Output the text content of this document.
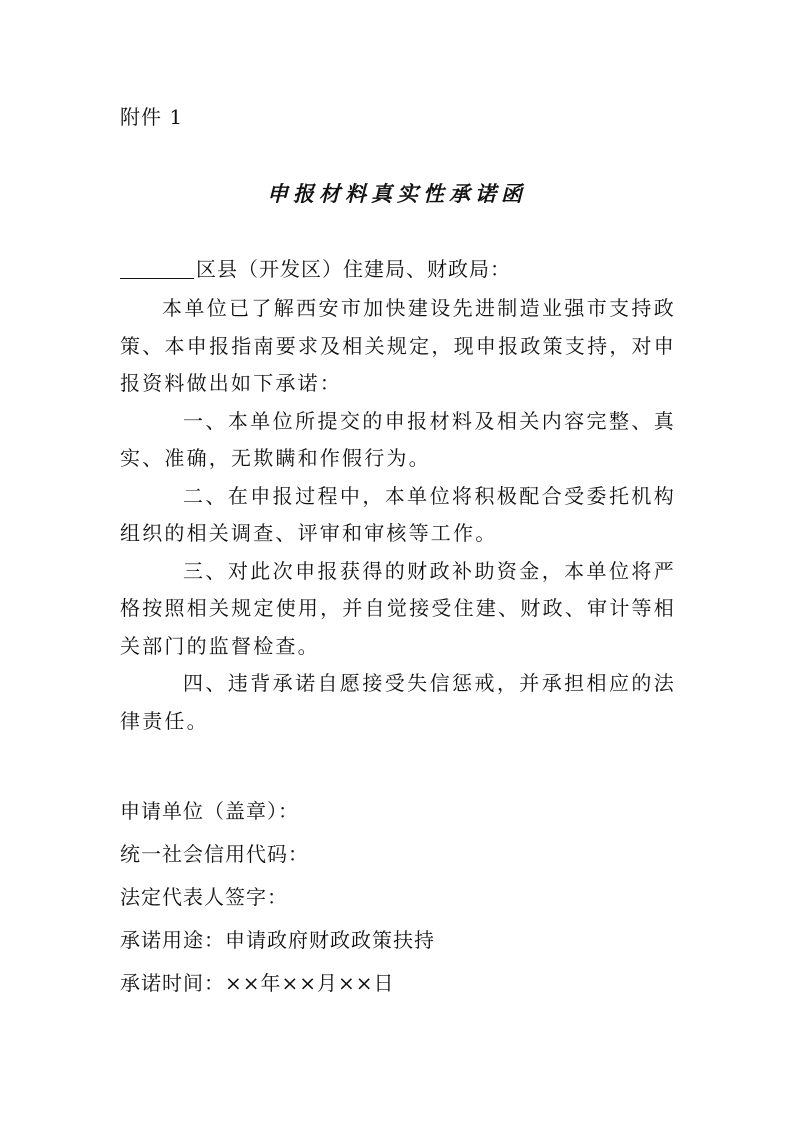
附件 1
申报材料真实性承诺函
区县（开发区）住建局、财政局：

本单位已了解西安市加快建设先进制造业强市支持政策、本申报指南要求及相关规定，现申报政策支持，对申报资料做出如下承诺：

一、本单位所提交的申报材料及相关内容完整、真实、准确，无欺瞒和作假行为。

二、在申报过程中，本单位将积极配合受委托机构组织的相关调查、评审和审核等工作。

三、对此次申报获得的财政补助资金，本单位将严格按照相关规定使用，并自觉接受住建、财政、审计等相关部门的监督检查。

四、违背承诺自愿接受失信惩戒，并承担相应的法律责任。

申请单位（盖章）：

统一社会信用代码：

法定代表人签字：

承诺用途：申请政府财政政策扶持

承诺时间：××年××月××日
